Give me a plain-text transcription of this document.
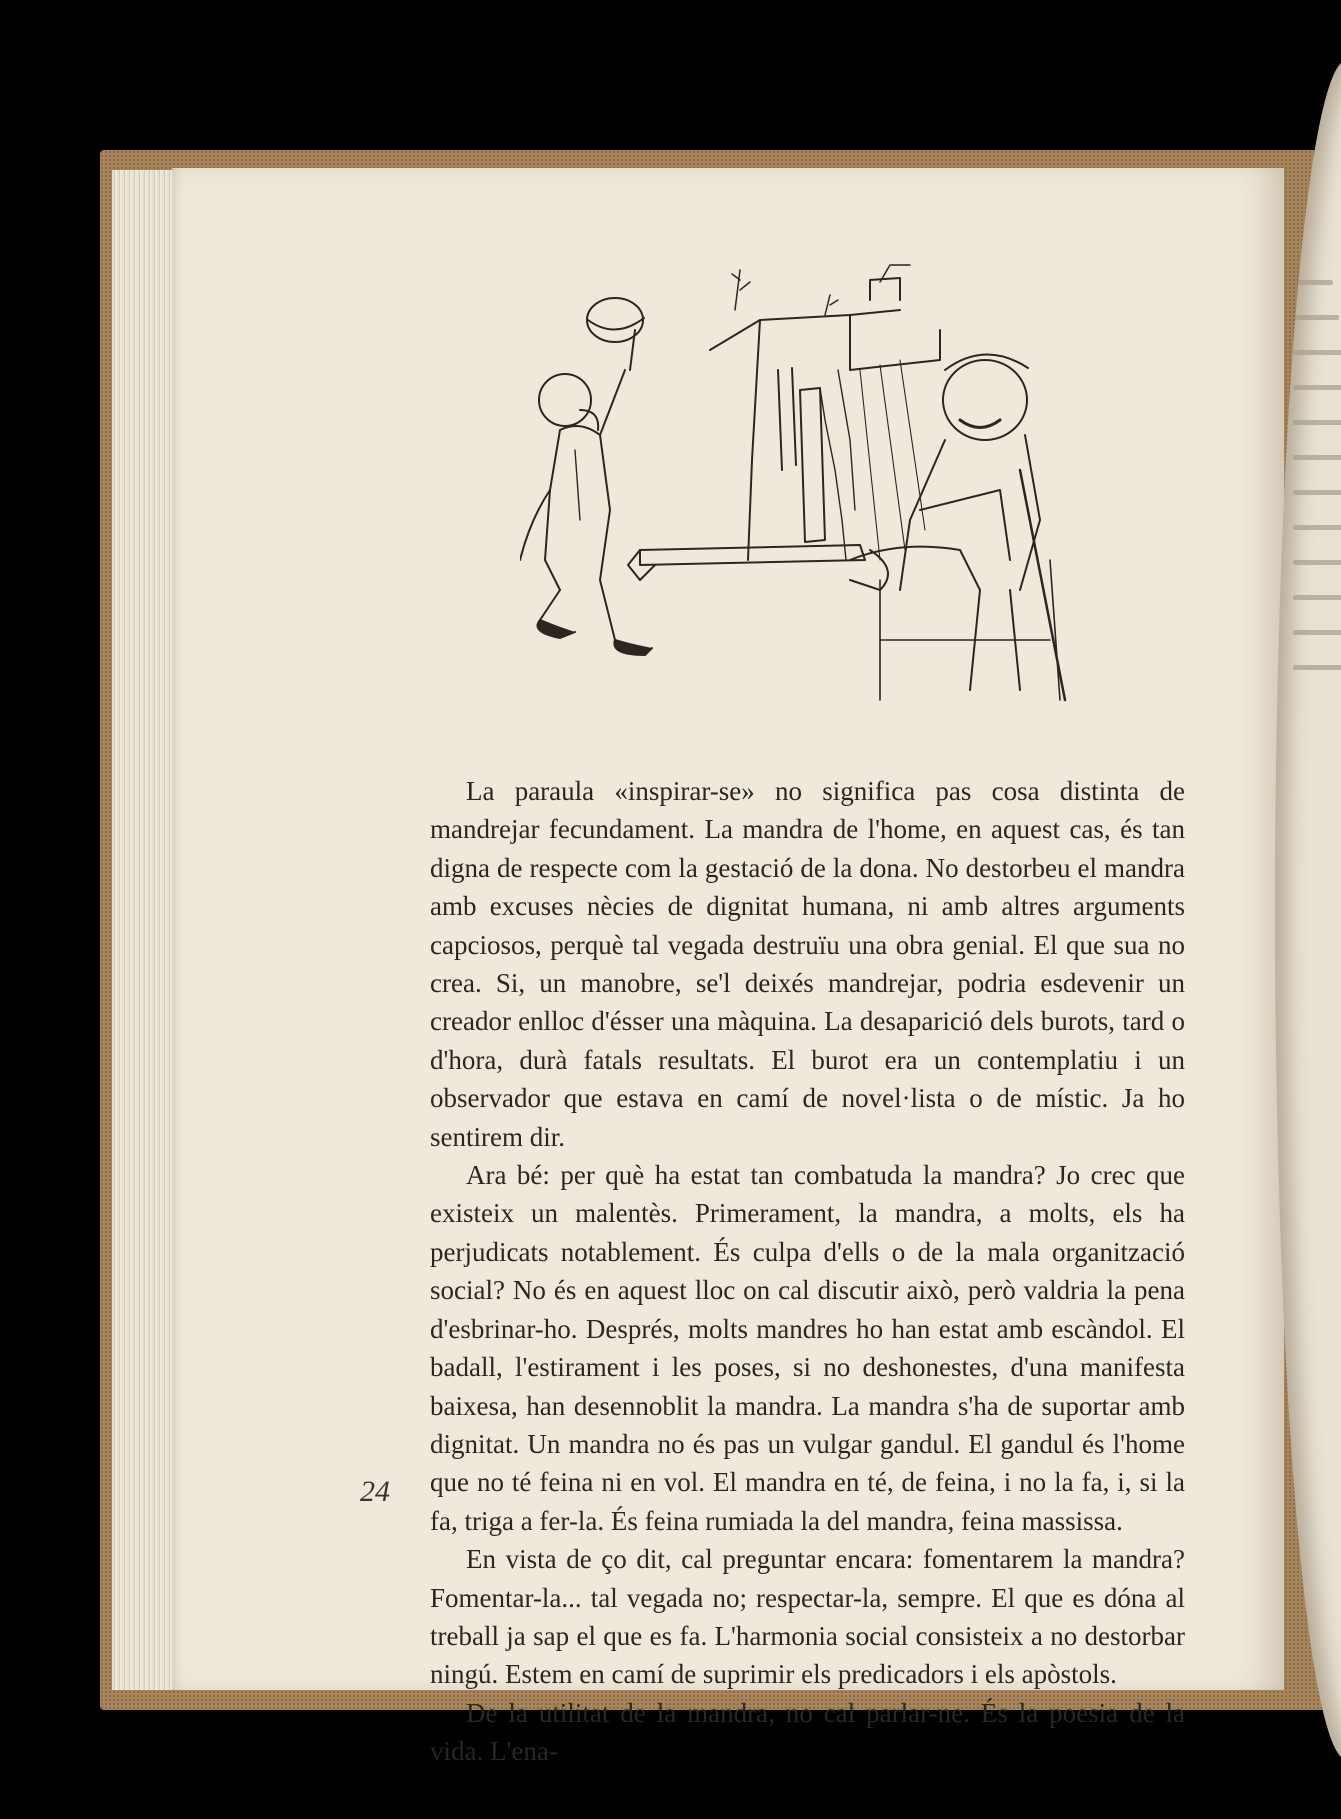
La paraula «inspirar-se» no significa pas cosa distinta de mandrejar fecundament. La mandra de l'home, en aquest cas, és tan digna de respecte com la gestació de la dona. No destorbeu el mandra amb excuses nècies de dignitat humana, ni amb altres arguments capciosos, perquè tal vegada destruïu una obra genial. El que sua no crea. Si, un manobre, se'l deixés mandrejar, podria esdevenir un creador enlloc d'ésser una màquina. La desaparició dels burots, tard o d'hora, durà fatals resultats. El burot era un contemplatiu i un observador que estava en camí de novel·lista o de místic. Ja ho sentirem dir.

Ara bé: per què ha estat tan combatuda la mandra? Jo crec que existeix un malentès. Primerament, la mandra, a molts, els ha perjudicats notablement. És culpa d'ells o de la mala organització social? No és en aquest lloc on cal discutir això, però valdria la pena d'esbrinar-ho. Després, molts mandres ho han estat amb escàndol. El badall, l'estirament i les poses, si no deshonestes, d'una manifesta baixesa, han desennoblit la mandra. La mandra s'ha de suportar amb dignitat. Un mandra no és pas un vulgar gandul. El gandul és l'home que no té feina ni en vol. El mandra en té, de feina, i no la fa, i, si la fa, triga a fer-la. És feina rumiada la del mandra, feina massissa.

En vista de ço dit, cal preguntar encara: fomentarem la mandra? Fomentar-la... tal vegada no; respectar-la, sempre. El que es dóna al treball ja sap el que es fa. L'harmonia social consisteix a no destorbar ningú. Estem en camí de suprimir els predicadors i els apòstols.

De la utilitat de la mandra, no cal parlar-ne. És la poesia de la vida. L'ena-

24
